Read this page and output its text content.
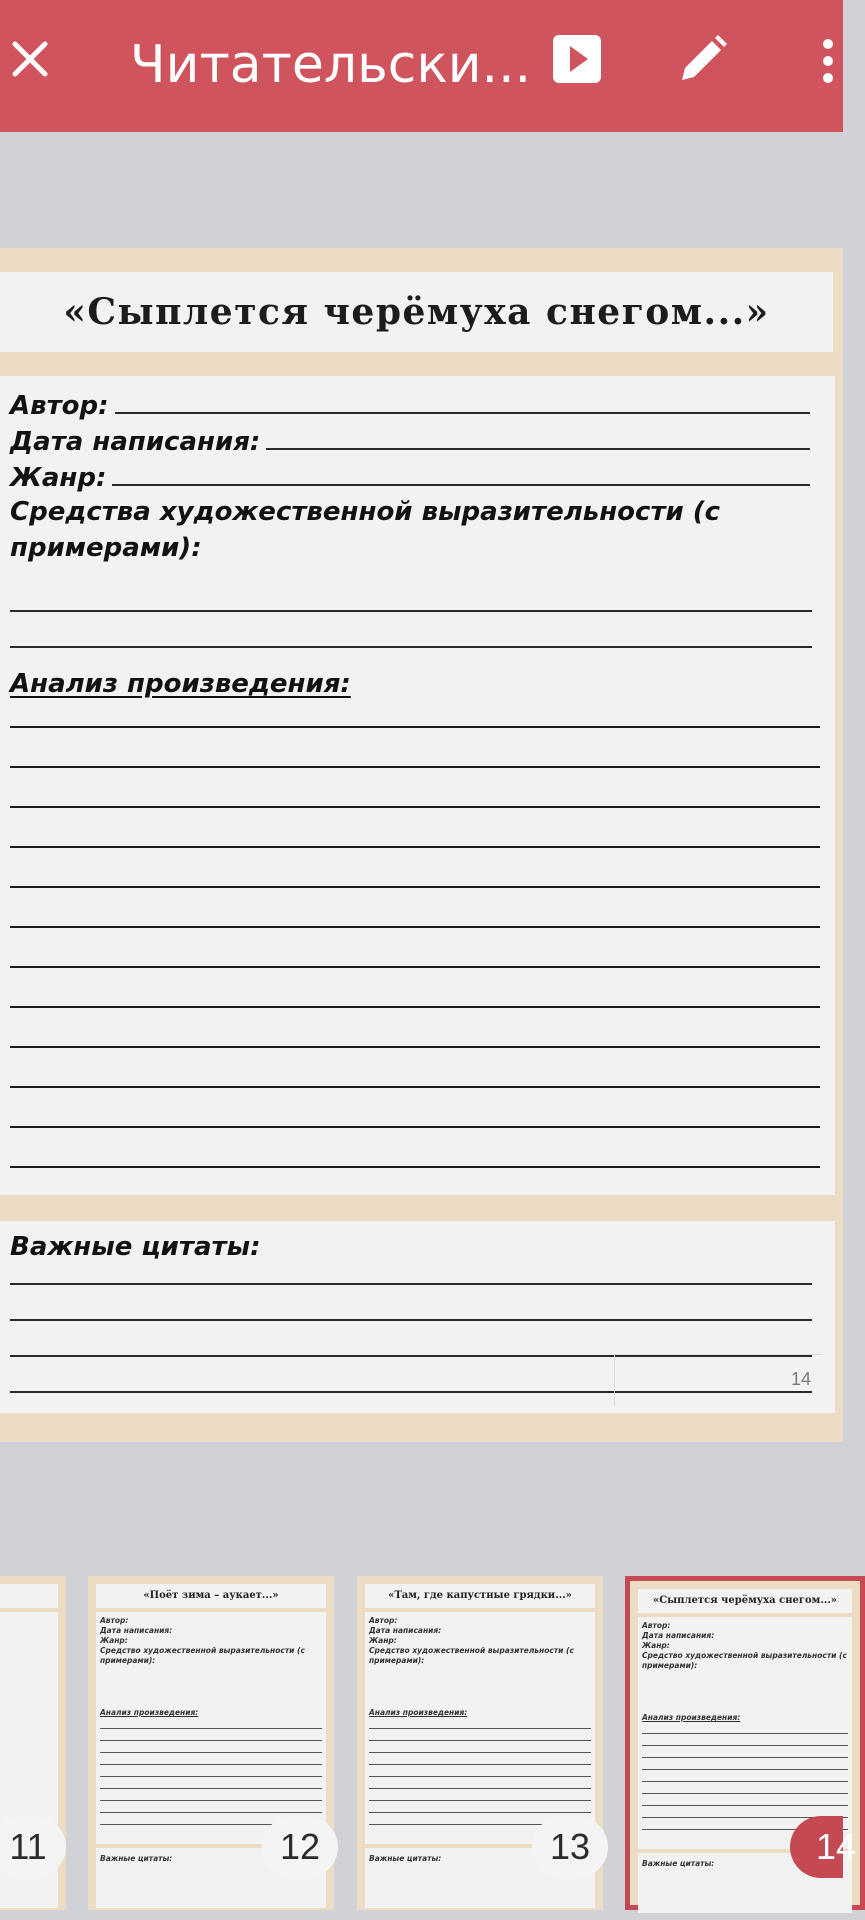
Читательски...
«Сыплется черёмуха снегом...»
Автор:
Дата написания:
Жанр:
Средства художественной выразительности (с
примерами):
Анализ произведения:
Важные цитаты:
14
«Поёт зима – аукает...»
Автор:
Дата написания:
Жанр:
Средство художественной выразительности (с
примерами):
Анализ произведения:
Важные цитаты:
«Там, где капустные грядки...»
Автор:
Дата написания:
Жанр:
Средство художественной выразительности (с
примерами):
Анализ произведения:
Важные цитаты:
«Сыплется черёмуха снегом...»
Автор:
Дата написания:
Жанр:
Средство художественной выразительности (с
примерами):
Анализ произведения:
Важные цитаты:
11	12	13	14
